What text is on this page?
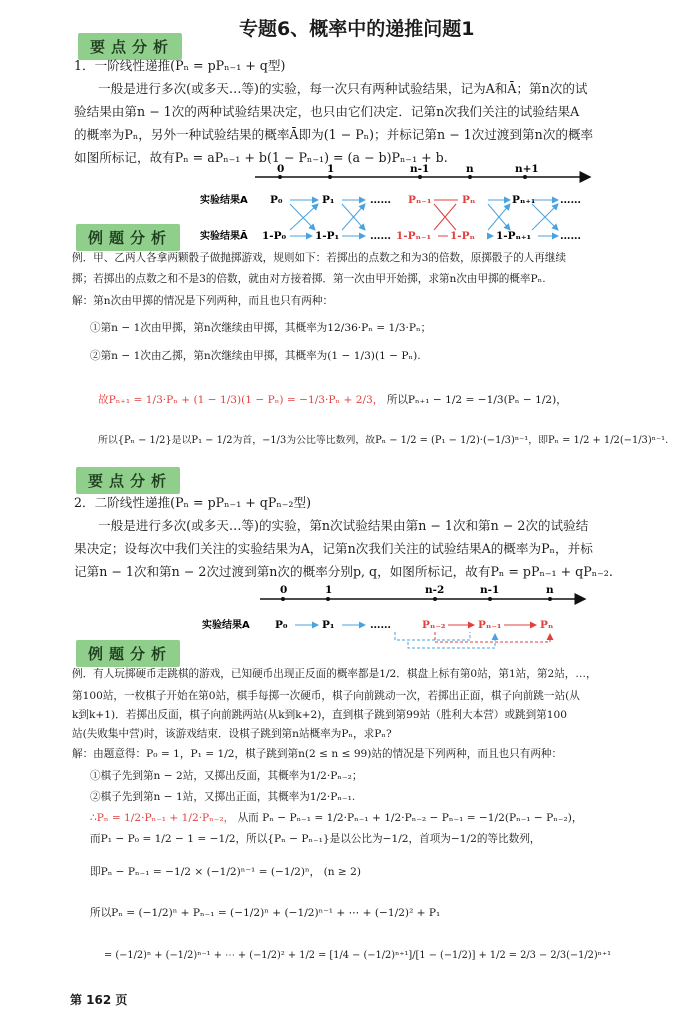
专题6、概率中的递推问题1
要点分析
1．一阶线性递推(Pₙ = pPₙ₋₁ + q型)
一般是进行多次(或多天…等)的实验，每一次只有两种试验结果，记为A和Ā；第n次的试
验结果由第n − 1次的两种试验结果决定，也只由它们决定．记第n次我们关注的试验结果A
的概率为Pₙ，另外一种试验结果的概率Ā即为(1 − Pₙ)；并标记第n − 1次过渡到第n次的概率
如图所标记，故有Pₙ = aPₙ₋₁ + b(1 − Pₙ₋₁) = (a − b)Pₙ₋₁ + b.
0	1	n-1	n	n+1
实验结果A
实验结果Ā
P₀	P₁	…… Pₙ₋₁	Pₙ	Pₙ₊₁ ……
1-P₀	1-P₁	…… 1-Pₙ₋₁ 1-Pₙ 1-Pₙ₊₁	……
例题分析
例．甲、乙两人各拿两颗骰子做抛掷游戏，规则如下：若掷出的点数之和为3的倍数，原掷骰子的人再继续
掷；若掷出的点数之和不是3的倍数，就由对方接着掷．第一次由甲开始掷，求第n次由甲掷的概率Pₙ.
解：第n次由甲掷的情况是下列两种，而且也只有两种：
①第n − 1次由甲掷，第n次继续由甲掷，其概率为12/36·Pₙ = 1/3·Pₙ；
②第n − 1次由乙掷，第n次继续由甲掷，其概率为(1 − 1/3)(1 − Pₙ).
故Pₙ₊₁ = 1/3·Pₙ + (1 − 1/3)(1 − Pₙ) = −1/3·Pₙ + 2/3， 所以Pₙ₊₁ − 1/2 = −1/3(Pₙ − 1/2)，
所以{Pₙ − 1/2}是以P₁ − 1/2为首，−1/3为公比等比数列，故Pₙ − 1/2 = (P₁ − 1/2)·(−1/3)ⁿ⁻¹，即Pₙ = 1/2 + 1/2(−1/3)ⁿ⁻¹.
要点分析
2．二阶线性递推(Pₙ = pPₙ₋₁ + qPₙ₋₂型)
一般是进行多次(或多天…等)的实验，第n次试验结果由第n − 1次和第n − 2次的试验结
果决定；设每次中我们关注的实验结果为A，记第n次我们关注的试验结果A的概率为Pₙ，并标
记第n − 1次和第n − 2次过渡到第n次的概率分别p, q，如图所标记，故有Pₙ = pPₙ₋₁ + qPₙ₋₂.
0	1	n-2	n-1	n
实验结果A P₀	P₁	……	Pₙ₋₂	Pₙ₋₁	Pₙ
例题分析
例．有人玩掷硬币走跳棋的游戏，已知硬币出现正反面的概率都是1/2．棋盘上标有第0站，第1站，第2站，…，
第100站，一枚棋子开始在第0站，棋手每掷一次硬币，棋子向前跳动一次，若掷出正面，棋子向前跳一站(从
k到k+1)．若掷出反面，棋子向前跳两站(从k到k+2)，直到棋子跳到第99站（胜利大本营）或跳到第100
站(失败集中营)时，该游戏结束．设棋子跳到第n站概率为Pₙ，求Pₙ?
解：由题意得：P₀ = 1，P₁ = 1/2，棋子跳到第n(2 ≤ n ≤ 99)站的情况是下列两种，而且也只有两种：
①棋子先到第n − 2站，又掷出反面，其概率为1/2·Pₙ₋₂；
②棋子先到第n − 1站，又掷出正面，其概率为1/2·Pₙ₋₁.
∴Pₙ = 1/2·Pₙ₋₁ + 1/2·Pₙ₋₂， 从而 Pₙ − Pₙ₋₁ = 1/2·Pₙ₋₁ + 1/2·Pₙ₋₂ − Pₙ₋₁ = −1/2(Pₙ₋₁ − Pₙ₋₂)，
而P₁ − P₀ = 1/2 − 1 = −1/2，所以{Pₙ − Pₙ₋₁}是以公比为−1/2，首项为−1/2的等比数列，
即Pₙ − Pₙ₋₁ = −1/2 × (−1/2)ⁿ⁻¹ = (−1/2)ⁿ， (n ≥ 2)
所以Pₙ = (−1/2)ⁿ + Pₙ₋₁ = (−1/2)ⁿ + (−1/2)ⁿ⁻¹ + ⋯ + (−1/2)² + P₁
= (−1/2)ⁿ + (−1/2)ⁿ⁻¹ + ⋯ + (−1/2)² + 1/2 = [1/4 − (−1/2)ⁿ⁺¹]/[1 − (−1/2)] + 1/2 = 2/3 − 2/3(−1/2)ⁿ⁺¹
第 162 页
